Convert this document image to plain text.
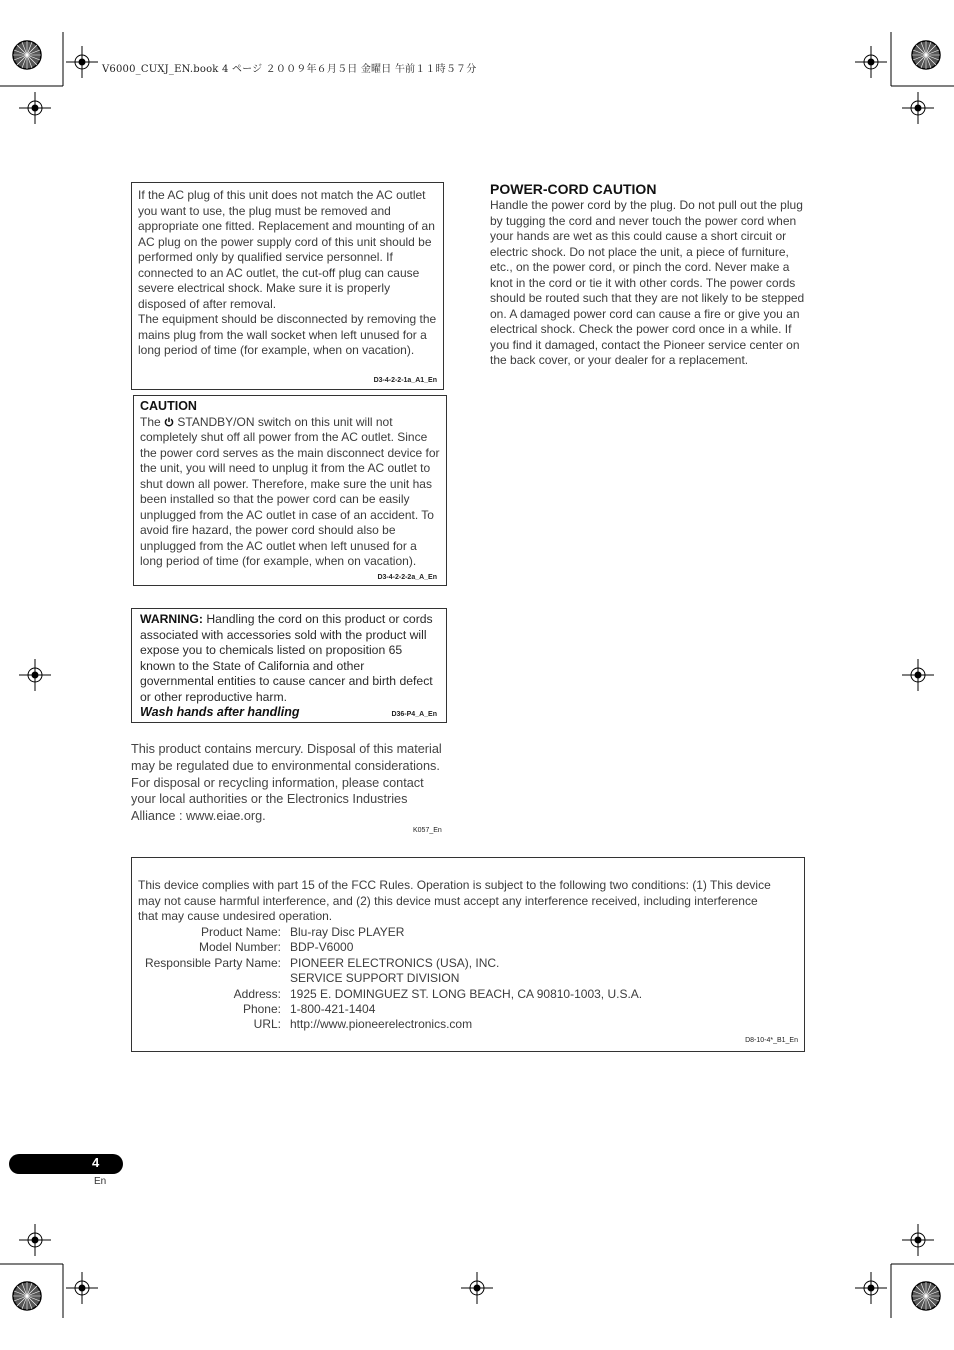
V6000_CUXJ_EN.book 4 ページ ２００９年６月５日 金曜日 午前１１時５７分

If the AC plug of this unit does not match the AC outlet you want to use, the plug must be removed and appropriate one fitted. Replacement and mounting of an AC plug on the power supply cord of this unit should be performed only by qualified service personnel. If connected to an AC outlet, the cut-off plug can cause severe electrical shock. Make sure it is properly disposed of after removal.

The equipment should be disconnected by removing the mains plug from the wall socket when left unused for a long period of time (for example, when on vacation).

D3-4-2-2-1a_A1_En
CAUTION

The STANDBY/ON switch on this unit will not completely shut off all power from the AC outlet. Since the power cord serves as the main disconnect device for the unit, you will need to unplug it from the AC outlet to shut down all power. Therefore, make sure the unit has been installed so that the power cord can be easily unplugged from the AC outlet in case of an accident. To avoid fire hazard, the power cord should also be unplugged from the AC outlet when left unused for a long period of time (for example, when on vacation).

D3-4-2-2-2a_A_En

WARNING: Handling the cord on this product or cords associated with accessories sold with the product will expose you to chemicals listed on proposition 65 known to the State of California and other governmental entities to cause cancer and birth defect or other reproductive harm.

Wash hands after handling	D36-P4_A_En

This product contains mercury. Disposal of this material may be regulated due to environmental considerations. For disposal or recycling information, please contact your local authorities or the Electronics Industries Alliance : www.eiae.org.

K057_En
POWER-CORD CAUTION

Handle the power cord by the plug. Do not pull out the plug by tugging the cord and never touch the power cord when your hands are wet as this could cause a short circuit or electric shock. Do not place the unit, a piece of furniture, etc., on the power cord, or pinch the cord. Never make a knot in the cord or tie it with other cords. The power cords should be routed such that they are not likely to be stepped on. A damaged power cord can cause a fire or give you an electrical shock. Check the power cord once in a while. If you find it damaged, contact the Pioneer service center on the back cover, or your dealer for a replacement.

This device complies with part 15 of the FCC Rules. Operation is subject to the following two conditions: (1) This device may not cause harmful interference, and (2) this device must accept any interference received, including interference that may cause undesired operation.

Product Name: Blu-ray Disc PLAYER
Model Number: BDP-V6000
Responsible Party Name: PIONEER ELECTRONICS (USA), INC.
SERVICE SUPPORT DIVISION
Address: 1925 E. DOMINGUEZ ST. LONG BEACH, CA 90810-1003, U.S.A.
Phone: 1-800-421-1404
URL: http://www.pioneerelectronics.com
D8-10-4*_B1_En
4
En
